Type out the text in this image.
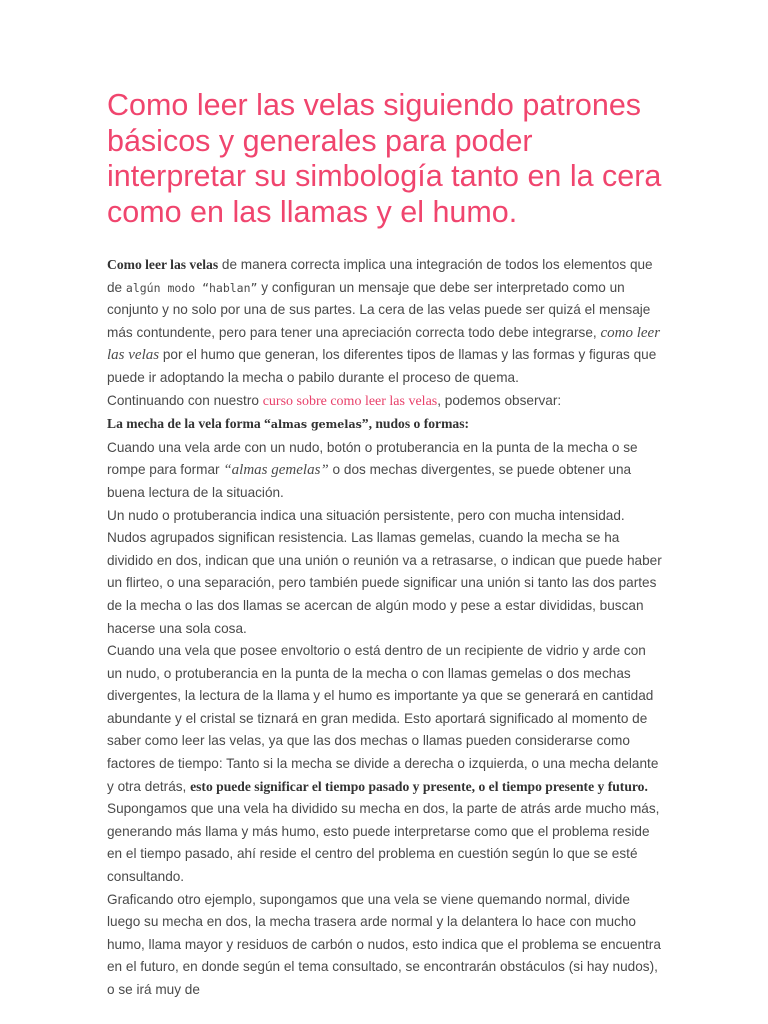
Como leer las velas siguiendo patrones básicos y generales para poder interpretar su simbología tanto en la cera como en las llamas y el humo.

Como leer las velas de manera correcta implica una integración de todos los elementos que de algún modo “hablan” y configuran un mensaje que debe ser interpretado como un conjunto y no solo por una de sus partes. La cera de las velas puede ser quizá el mensaje más contundente, pero para tener una apreciación correcta todo debe integrarse, como leer las velas por el humo que generan, los diferentes tipos de llamas y las formas y figuras que puede ir adoptando la mecha o pabilo durante el proceso de quema.

Continuando con nuestro curso sobre como leer las velas, podemos observar:

La mecha de la vela forma “almas gemelas”, nudos o formas:

Cuando una vela arde con un nudo, botón o protuberancia en la punta de la mecha o se rompe para formar “almas gemelas” o dos mechas divergentes, se puede obtener una buena lectura de la situación.

Un nudo o protuberancia indica una situación persistente, pero con mucha intensidad. Nudos agrupados significan resistencia. Las llamas gemelas, cuando la mecha se ha dividido en dos, indican que una unión o reunión va a retrasarse, o indican que puede haber un flirteo, o una separación, pero también puede significar una unión si tanto las dos partes de la mecha o las dos llamas se acercan de algún modo y pese a estar divididas, buscan hacerse una sola cosa.

Cuando una vela que posee envoltorio o está dentro de un recipiente de vidrio y arde con un nudo, o protuberancia en la punta de la mecha o con llamas gemelas o dos mechas divergentes, la lectura de la llama y el humo es importante ya que se generará en cantidad abundante y el cristal se tiznará en gran medida. Esto aportará significado al momento de saber como leer las velas, ya que las dos mechas o llamas pueden considerarse como factores de tiempo: Tanto si la mecha se divide a derecha o izquierda, o una mecha delante y otra detrás, esto puede significar el tiempo pasado y presente, o el tiempo presente y futuro.

Supongamos que una vela ha dividido su mecha en dos, la parte de atrás arde mucho más, generando más llama y más humo, esto puede interpretarse como que el problema reside en el tiempo pasado, ahí reside el centro del problema en cuestión según lo que se esté consultando.

Graficando otro ejemplo, supongamos que una vela se viene quemando normal, divide luego su mecha en dos, la mecha trasera arde normal y la delantera lo hace con mucho humo, llama mayor y residuos de carbón o nudos, esto indica que el problema se encuentra en el futuro, en donde según el tema consultado, se encontrarán obstáculos (si hay nudos), o se irá muy de
